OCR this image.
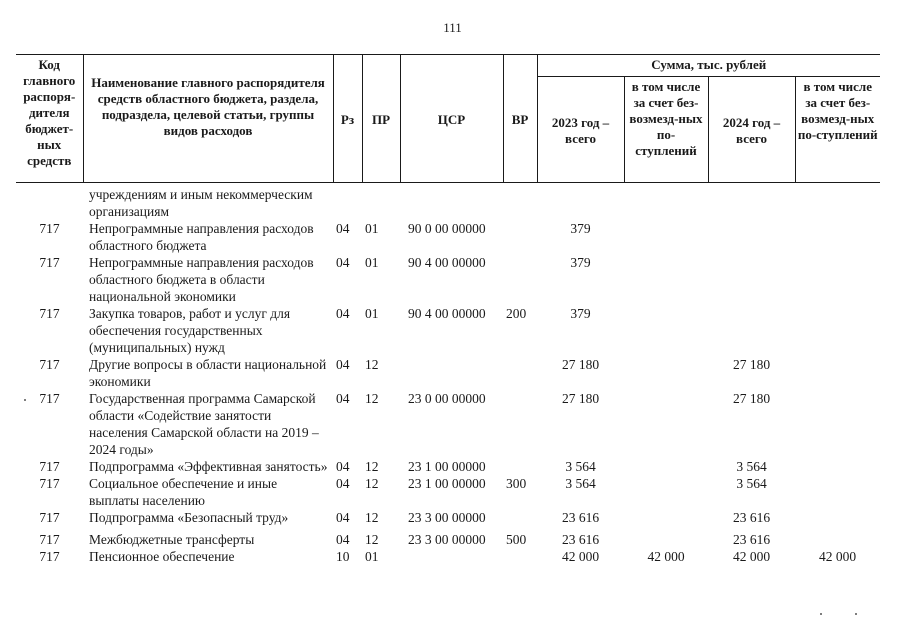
111
Код главного распоря-дителя бюджет-ных средств	Наименование главного распорядителя средств областного бюджета, раздела, подраздела, целевой статьи, группы видов расходов	Рз	ПР	ЦСР	ВР	Сумма, тыс. рублей			
						2023 год – всего	в том числе за счет без-возмезд-ных по-ступлений	2024 год – всего	в том числе за счет без-возмезд-ных по-ступлений
	учреждениям и иным некоммерческим организациям								
717	Непрограммные направления расходов областного бюджета	04	01	90 0 00 00000		379			
717	Непрограммные направления расходов областного бюджета в области национальной экономики	04	01	90 4 00 00000		379			
717	Закупка товаров, работ и услуг для обеспечения государственных (муниципальных) нужд	04	01	90 4 00 00000	200	379			
717	Другие вопросы в области национальной экономики	04	12			27 180		27 180	
717	Государственная программа Самарской области «Содействие занятости населения Самарской области на 2019 – 2024 годы»	04	12	23 0 00 00000		27 180		27 180	
717	Подпрограмма «Эффективная занятость»	04	12	23 1 00 00000		3 564		3 564	
717	Социальное обеспечение и иные выплаты населению	04	12	23 1 00 00000	300	3 564		3 564	
717	Подпрограмма «Безопасный труд»	04	12	23 3 00 00000		23 616		23 616	
717	Межбюджетные трансферты	04	12	23 3 00 00000	500	23 616		23 616	
717	Пенсионное обеспечение	10	01			42 000	42 000	42 000	42 000
